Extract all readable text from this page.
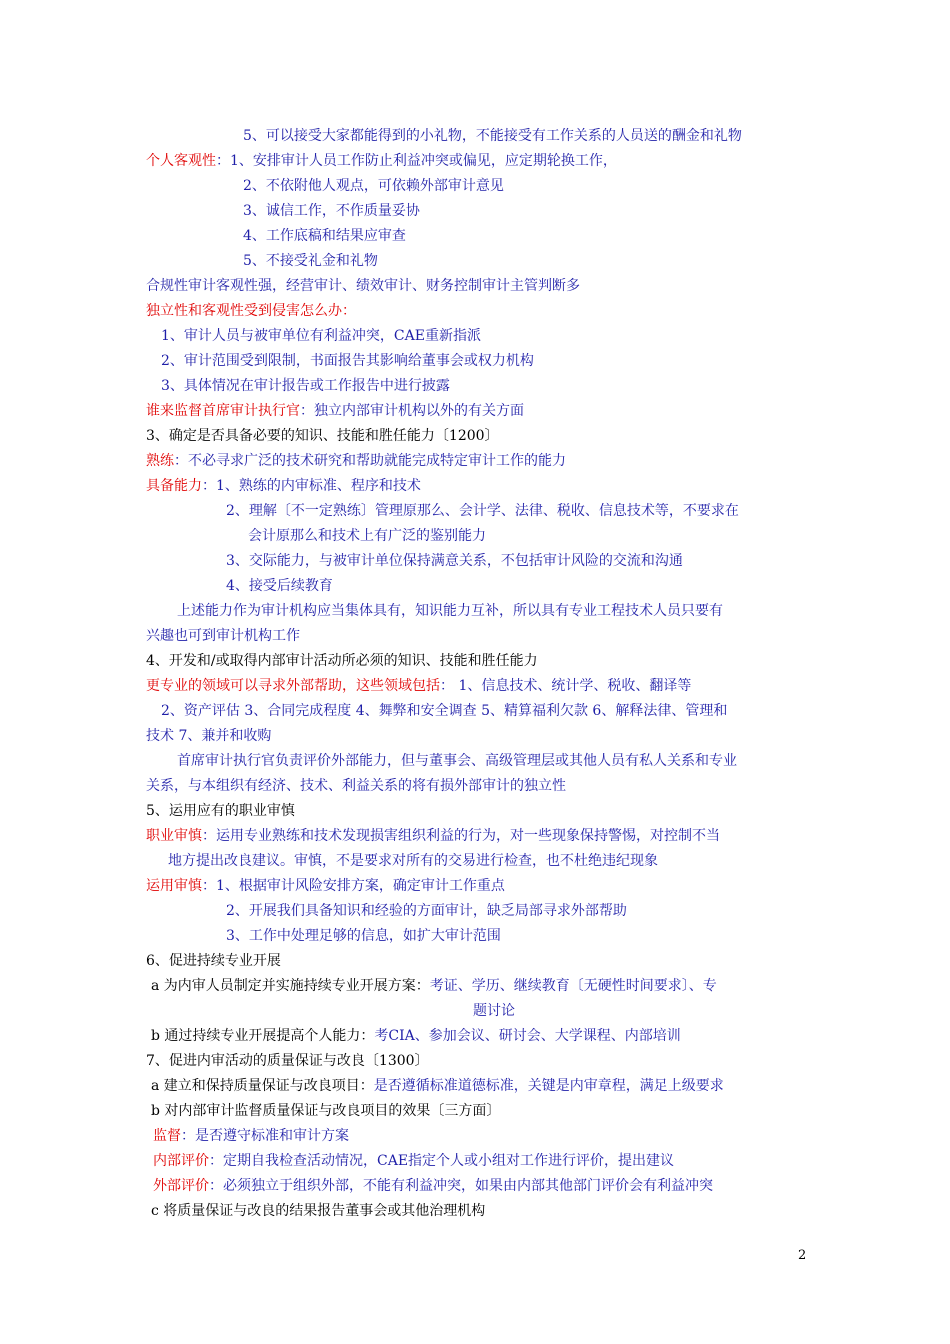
5、可以接受大家都能得到的小礼物，不能接受有工作关系的人员送的酬金和礼物
个人客观性：1、安排审计人员工作防止利益冲突或偏见，应定期轮换工作，
2、不依附他人观点，可依赖外部审计意见
3、诚信工作，不作质量妥协
4、工作底稿和结果应审查
5、不接受礼金和礼物
合规性审计客观性强，经营审计、绩效审计、财务控制审计主管判断多
独立性和客观性受到侵害怎么办：
1、审计人员与被审单位有利益冲突，CAE重新指派
2、审计范围受到限制，书面报告其影响给董事会或权力机构
3、具体情况在审计报告或工作报告中进行披露
谁来监督首席审计执行官：独立内部审计机构以外的有关方面
3、确定是否具备必要的知识、技能和胜任能力〔1200〕
熟练：不必寻求广泛的技术研究和帮助就能完成特定审计工作的能力
具备能力：1、熟练的内审标准、程序和技术
2、理解〔不一定熟练〕管理原那么、会计学、法律、税收、信息技术等，不要求在
会计原那么和技术上有广泛的鉴别能力
3、交际能力，与被审计单位保持满意关系，不包括审计风险的交流和沟通
4、接受后续教育
上述能力作为审计机构应当集体具有，知识能力互补，所以具有专业工程技术人员只要有
兴趣也可到审计机构工作
4、开发和/或取得内部审计活动所必须的知识、技能和胜任能力
更专业的领域可以寻求外部帮助，这些领域包括： 1、信息技术、统计学、税收、翻译等
2、资产评估 3、合同完成程度 4、舞弊和安全调查 5、精算福利欠款 6、解释法律、管理和
技术 7、兼并和收购
首席审计执行官负责评价外部能力，但与董事会、高级管理层或其他人员有私人关系和专业
关系，与本组织有经济、技术、利益关系的将有损外部审计的独立性
5、运用应有的职业审慎
职业审慎：运用专业熟练和技术发现损害组织利益的行为，对一些现象保持警惕，对控制不当
地方提出改良建议。审慎，不是要求对所有的交易进行检查，也不杜绝违纪现象
运用审慎：1、根据审计风险安排方案，确定审计工作重点
2、开展我们具备知识和经验的方面审计，缺乏局部寻求外部帮助
3、工作中处理足够的信息，如扩大审计范围
6、促进持续专业开展
a 为内审人员制定并实施持续专业开展方案：考证、学历、继续教育〔无硬性时间要求〕、专
题讨论
b 通过持续专业开展提高个人能力：考CIA、参加会议、研讨会、大学课程、内部培训
7、促进内审活动的质量保证与改良〔1300〕
a 建立和保持质量保证与改良项目：是否遵循标准道德标准，关键是内审章程，满足上级要求
b 对内部审计监督质量保证与改良项目的效果〔三方面〕
监督：是否遵守标准和审计方案
内部评价：定期自我检查活动情况，CAE指定个人或小组对工作进行评价，提出建议
外部评价：必须独立于组织外部，不能有利益冲突，如果由内部其他部门评价会有利益冲突
c 将质量保证与改良的结果报告董事会或其他治理机构
2
